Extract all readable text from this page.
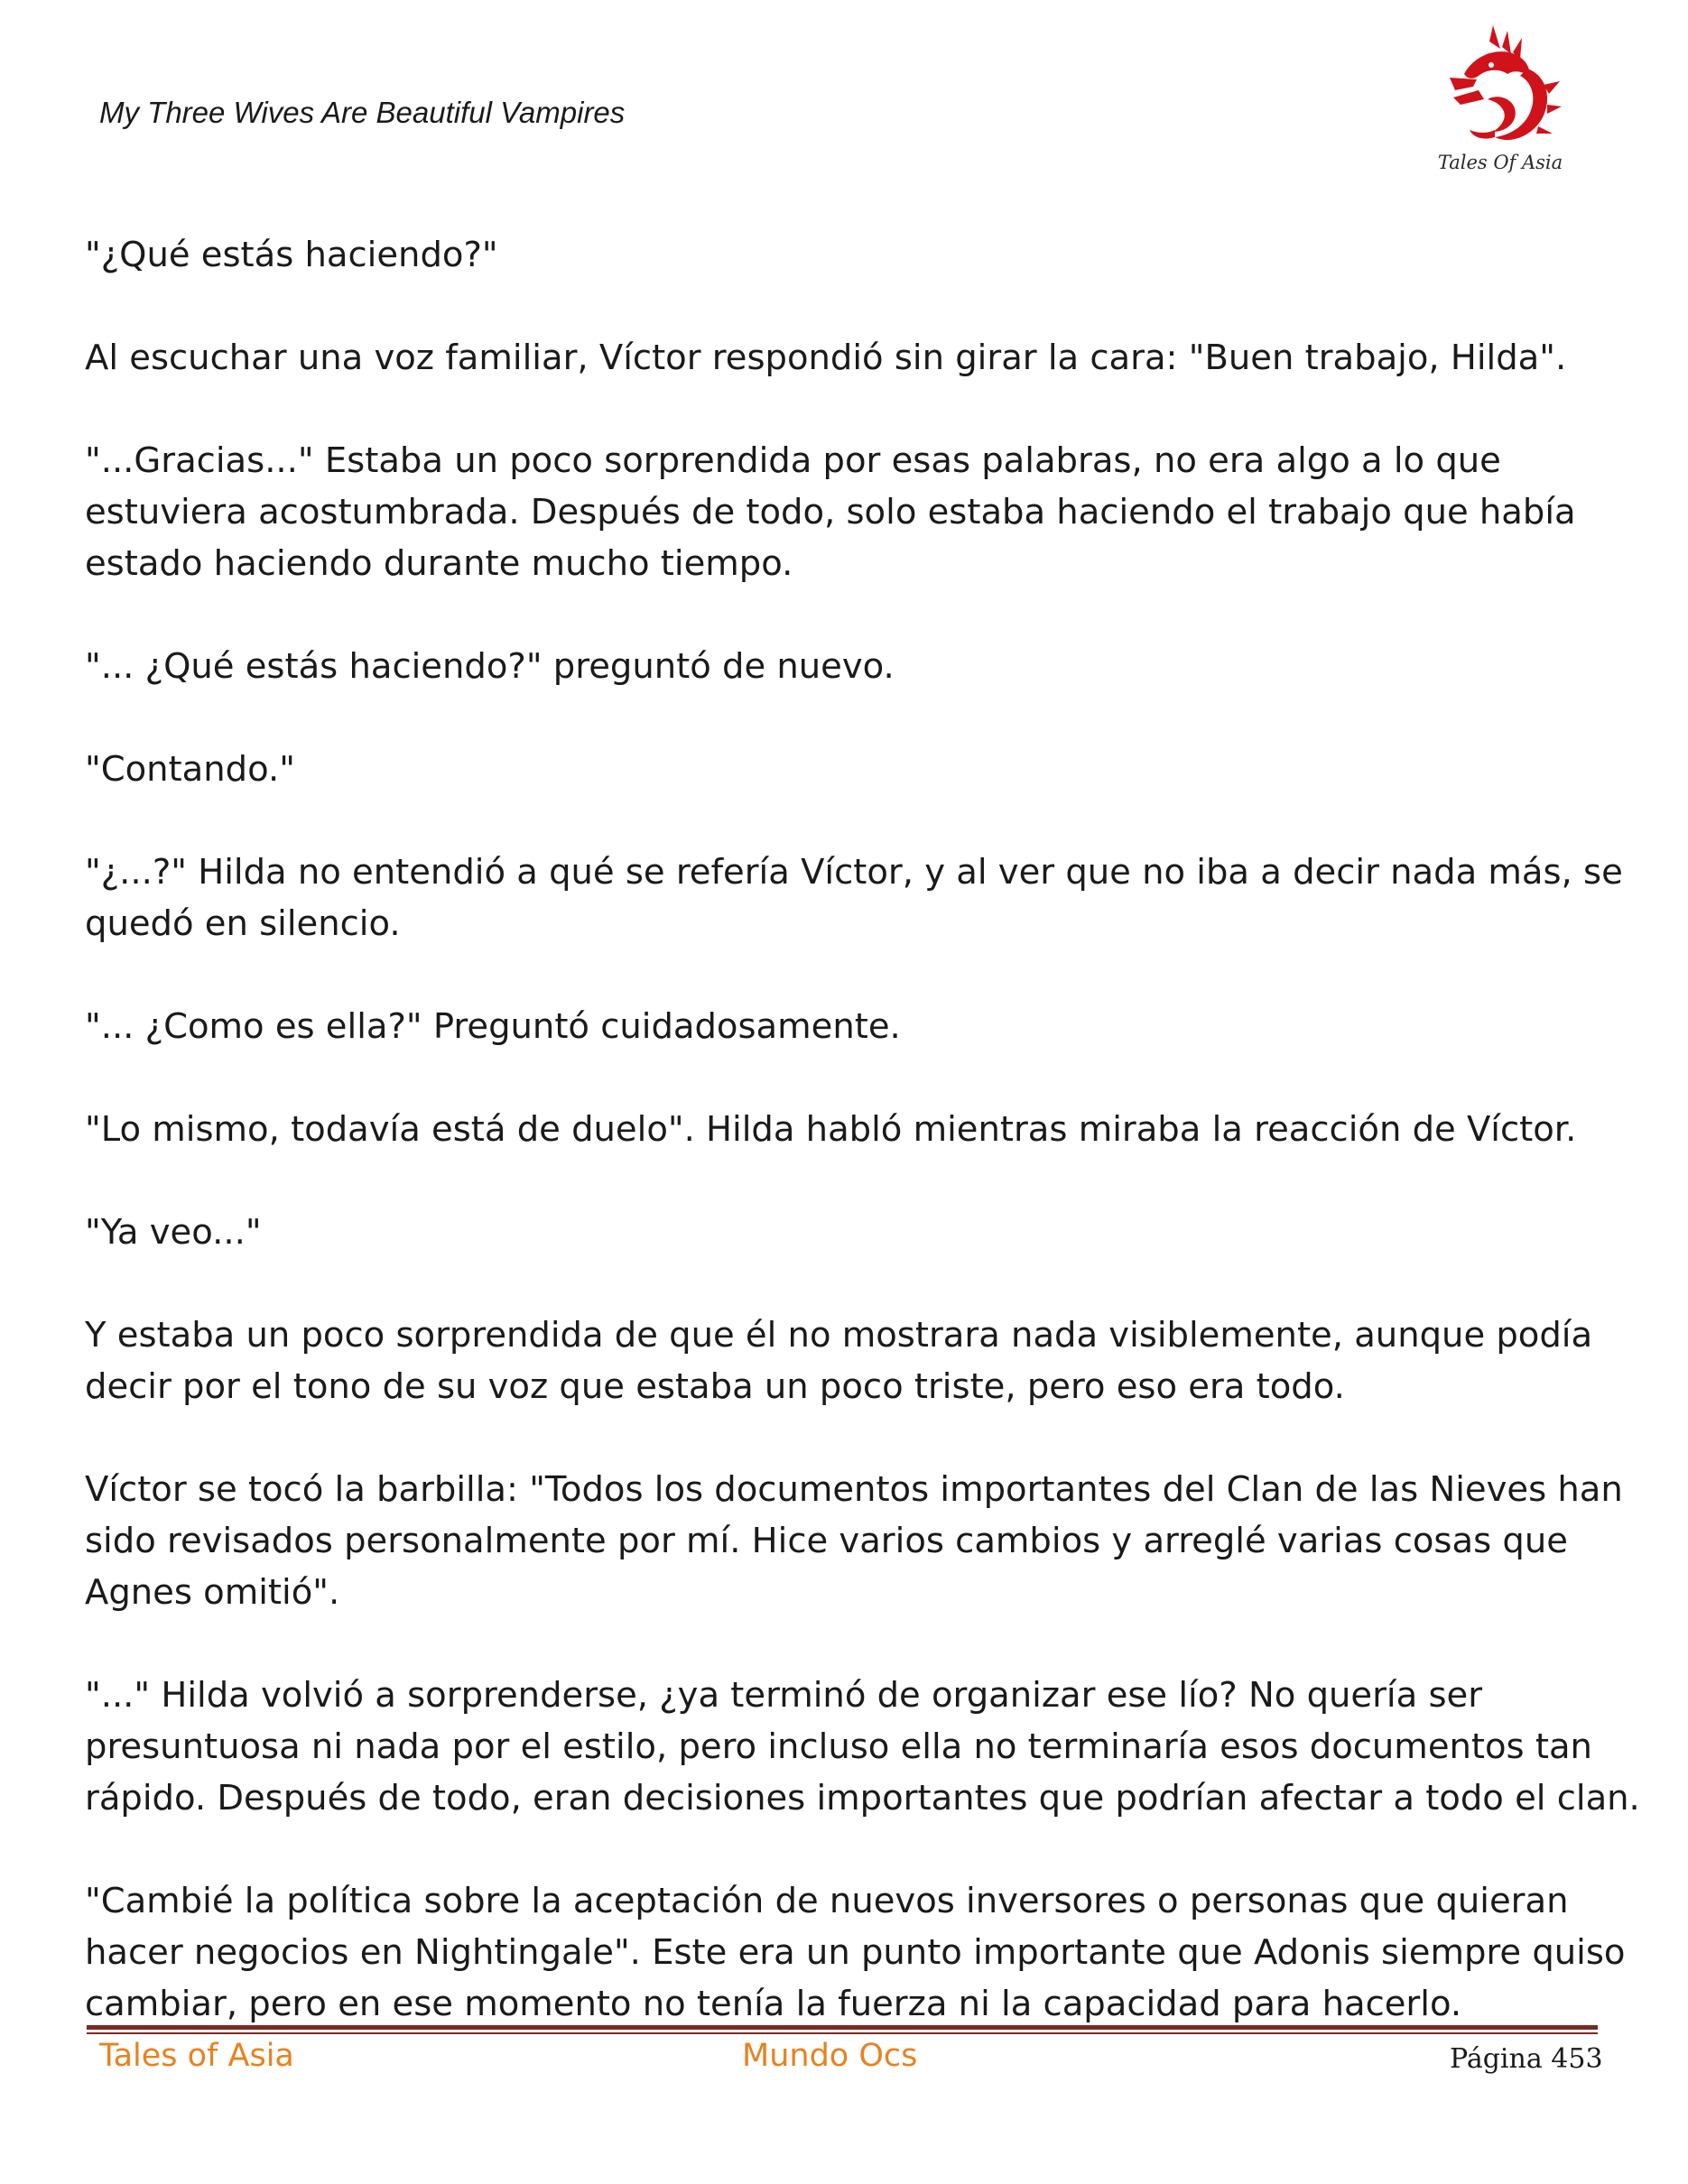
My Three Wives Are Beautiful Vampires
Tales Of Asia

"¿Qué estás haciendo?"

Al escuchar una voz familiar, Víctor respondió sin girar la cara: "Buen trabajo, Hilda".

"...Gracias..." Estaba un poco sorprendida por esas palabras, no era algo a lo que
estuviera acostumbrada. Después de todo, solo estaba haciendo el trabajo que había
estado haciendo durante mucho tiempo.

"... ¿Qué estás haciendo?" preguntó de nuevo.

"Contando."

"¿...?" Hilda no entendió a qué se refería Víctor, y al ver que no iba a decir nada más, se
quedó en silencio.

"... ¿Como es ella?" Preguntó cuidadosamente.

"Lo mismo, todavía está de duelo". Hilda habló mientras miraba la reacción de Víctor.

"Ya veo..."

Y estaba un poco sorprendida de que él no mostrara nada visiblemente, aunque podía
decir por el tono de su voz que estaba un poco triste, pero eso era todo.

Víctor se tocó la barbilla: "Todos los documentos importantes del Clan de las Nieves han
sido revisados personalmente por mí. Hice varios cambios y arreglé varias cosas que
Agnes omitió".

"..." Hilda volvió a sorprenderse, ¿ya terminó de organizar ese lío? No quería ser
presuntuosa ni nada por el estilo, pero incluso ella no terminaría esos documentos tan
rápido. Después de todo, eran decisiones importantes que podrían afectar a todo el clan.

"Cambié la política sobre la aceptación de nuevos inversores o personas que quieran
hacer negocios en Nightingale". Este era un punto importante que Adonis siempre quiso
cambiar, pero en ese momento no tenía la fuerza ni la capacidad para hacerlo.

Tales of Asia	Mundo Ocs	Página 453
